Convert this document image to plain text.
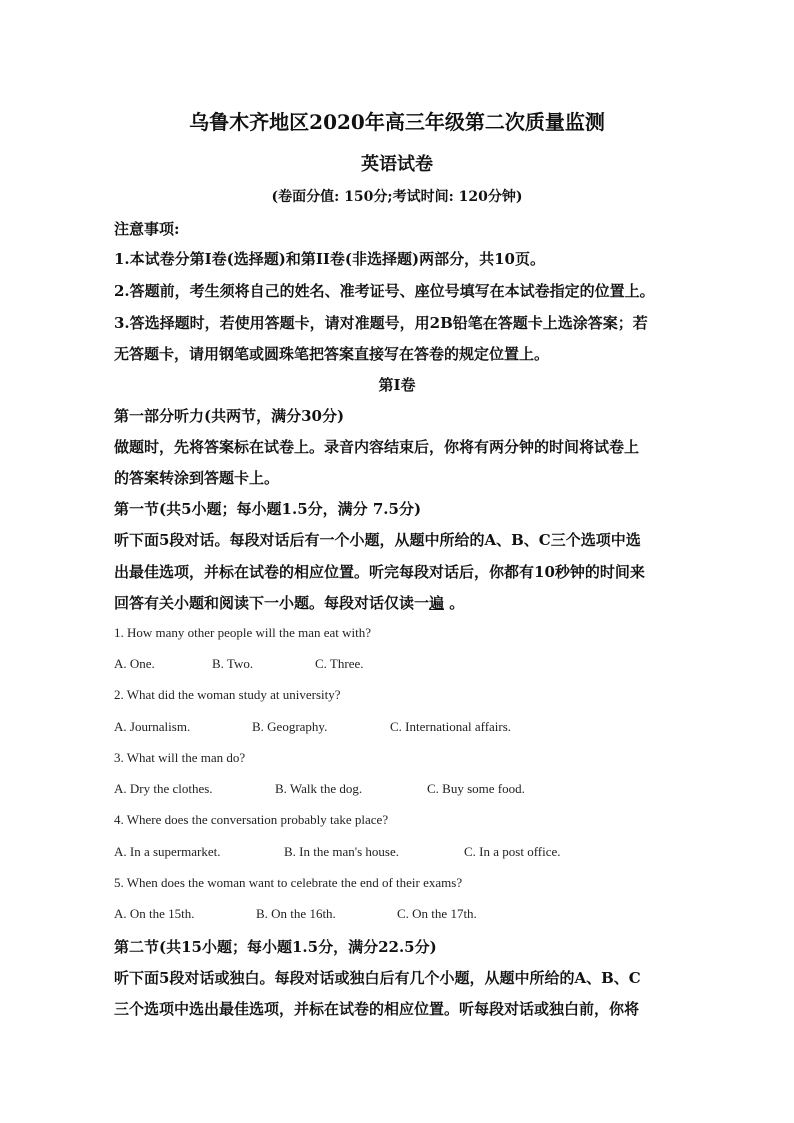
乌鲁木齐地区2020年高三年级第二次质量监测
英语试卷
(卷面分值: 150分;考试时间: 120分钟)
注意事项:
1.本试卷分第I卷(选择题)和第II卷(非选择题)两部分，共10页。
2.答题前，考生须将自己的姓名、准考证号、座位号填写在本试卷指定的位置上。
3.答选择题时，若使用答题卡，请对准题号，用2B铅笔在答题卡上选涂答案；若
无答题卡，请用钢笔或圆珠笔把答案直接写在答卷的规定位置上。
第I卷
第一部分听力(共两节，满分30分)
做题时，先将答案标在试卷上。录音内容结束后，你将有两分钟的时间将试卷上
的答案转涂到答题卡上。
第一节(共5小题；每小题1.5分，满分 7.5分)
听下面5段对话。每段对话后有一个小题，从题中所给的A、B、C三个选项中选
出最佳选项，并标在试卷的相应位置。听完每段对话后，你都有10秒钟的时间来
回答有关小题和阅读下一小题。每段对话仅读一遍 。
1. How many other people will the man eat with?
A. One.	B. Two.	C. Three.
2. What did the woman study at university?
A. Journalism.	B. Geography.	C. International affairs.
3. What will the man do?
A. Dry the clothes.	B. Walk the dog.	C. Buy some food.
4. Where does the conversation probably take place?
A. In a supermarket.	B. In the man's house.	C. In a post office.
5. When does the woman want to celebrate the end of their exams?
A. On the 15th.	B. On the 16th.	C. On the 17th.
第二节(共15小题；每小题1.5分，满分22.5分)
听下面5段对话或独白。每段对话或独白后有几个小题，从题中所给的A、B、C
三个选项中选出最佳选项，并标在试卷的相应位置。听每段对话或独白前，你将
